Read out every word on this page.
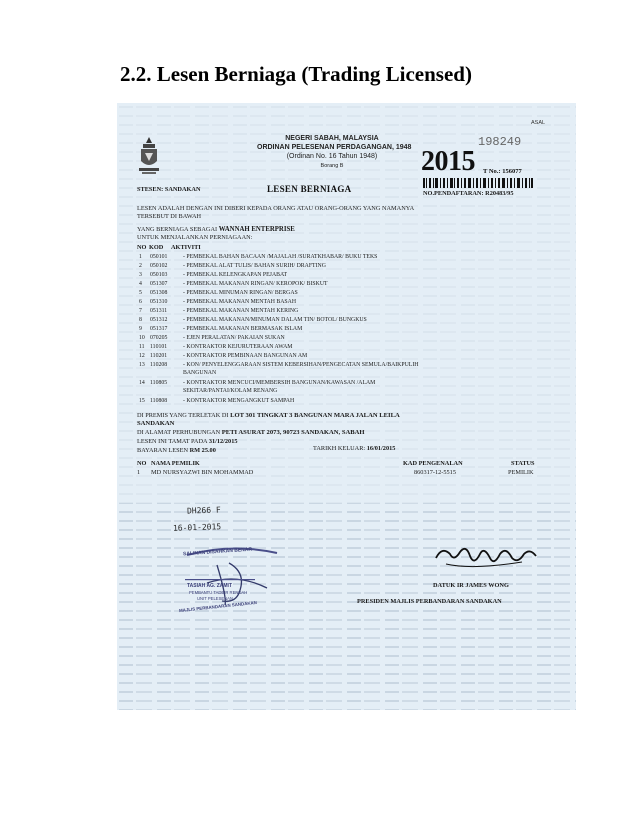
2.2. Lesen Berniaga (Trading Licensed)
ASAL
198249
NEGERI SABAH, MALAYSIA
ORDINAN PELESENAN PERDAGANGAN, 1948
(Ordinan No. 16 Tahun 1948)
Borang B	2015 T No.: 156077
STESEN: SANDAKAN	LESEN BERNIAGA	NO.PENDAFTARAN: R20483/95
LESEN ADALAH DENGAN INI DIBERI KEPADA ORANG ATAU ORANG-ORANG YANG NAMANYA
TERSEBUT DI BAWAH
YANG BERNIAGA SEBAGAI WANNAH ENTERPRISE
UNTUK MENJALANKAN PERNIAGAAN:
NO KOD AKTIVITI
1 050101	- PEMBEKAL BAHAN BACAAN /MAJALAH /SURATKHABAR/ BUKU TEKS
2 050102	- PEMBEKAL ALAT TULIS/ BAHAN SURIH/ DRAFTING
3 050103	- PEMBEKAL KELENGKAPAN PEJABAT
4 051307	- PEMBEKAL MAKANAN RINGAN/ KEROPOK/ BISKUT
5 051308	- PEMBEKAL MINUMAN RINGAN/ BERGAS
6 051310	- PEMBEKAL MAKANAN MENTAH BASAH
7 051311	- PEMBEKAL MAKANAN MENTAH KERING
8 051312	- PEMBEKAL MAKANAN/MINUMAN DALAM TIN/ BOTOL/ BUNGKUS
9 051317	- PEMBEKAL MAKANAN BERMASAK ISLAM
10 070205	- EJEN PERALATAN/ PAKAIAN SUKAN
11 110101	- KONTRAKTOR KEJURUTERAAN AWAM
12 110201	- KONTRAKTOR PEMBINAAN BANGUNAN AM
13 110208	- KON/ PENYELENGGARAAN SISTEM KEBERSIHAN/PENGECATAN SEMULA/BAIKPULIH
BANGUNAN
14 110805	- KONTRAKTOR MENCUCI/MEMBERSIH BANGUNAN/KAWASAN /ALAM
SEKITAR/PANTAI/KOLAM RENANG
15 110808	- KONTRAKTOR MENGANGKUT SAMPAH
DI PREMIS YANG TERLETAK DI LOT 301 TINGKAT 3 BANGUNAN MARA JALAN LEILA
SANDAKAN
DI ALAMAT PERHUBUNGAN PETI ASURAT 2073, 90723 SANDAKAN, SABAH
LESEN INI TAMAT PADA 31/12/2015
BAYARAN LESEN RM 25.00	TARIKH KELUAR: 16/01/2015
NO NAMA PEMILIK	KAD PENGENALAN	STATUS
1 MD NURSYAZWI BIN MOHAMMAD	860317-12-5515	PEMILIK
DH266 F
16-01-2015
SALINAN DISAHKAN BENAR
TASIAH AG. ZAMIT
PEMBANTU TADBIR RENDAH
UNIT PELESENAN
MAJLIS PERBANDARAN SANDAKAN
DATUK IR JAMES WONG
PRESIDEN MAJLIS PERBANDARAN SANDAKAN
